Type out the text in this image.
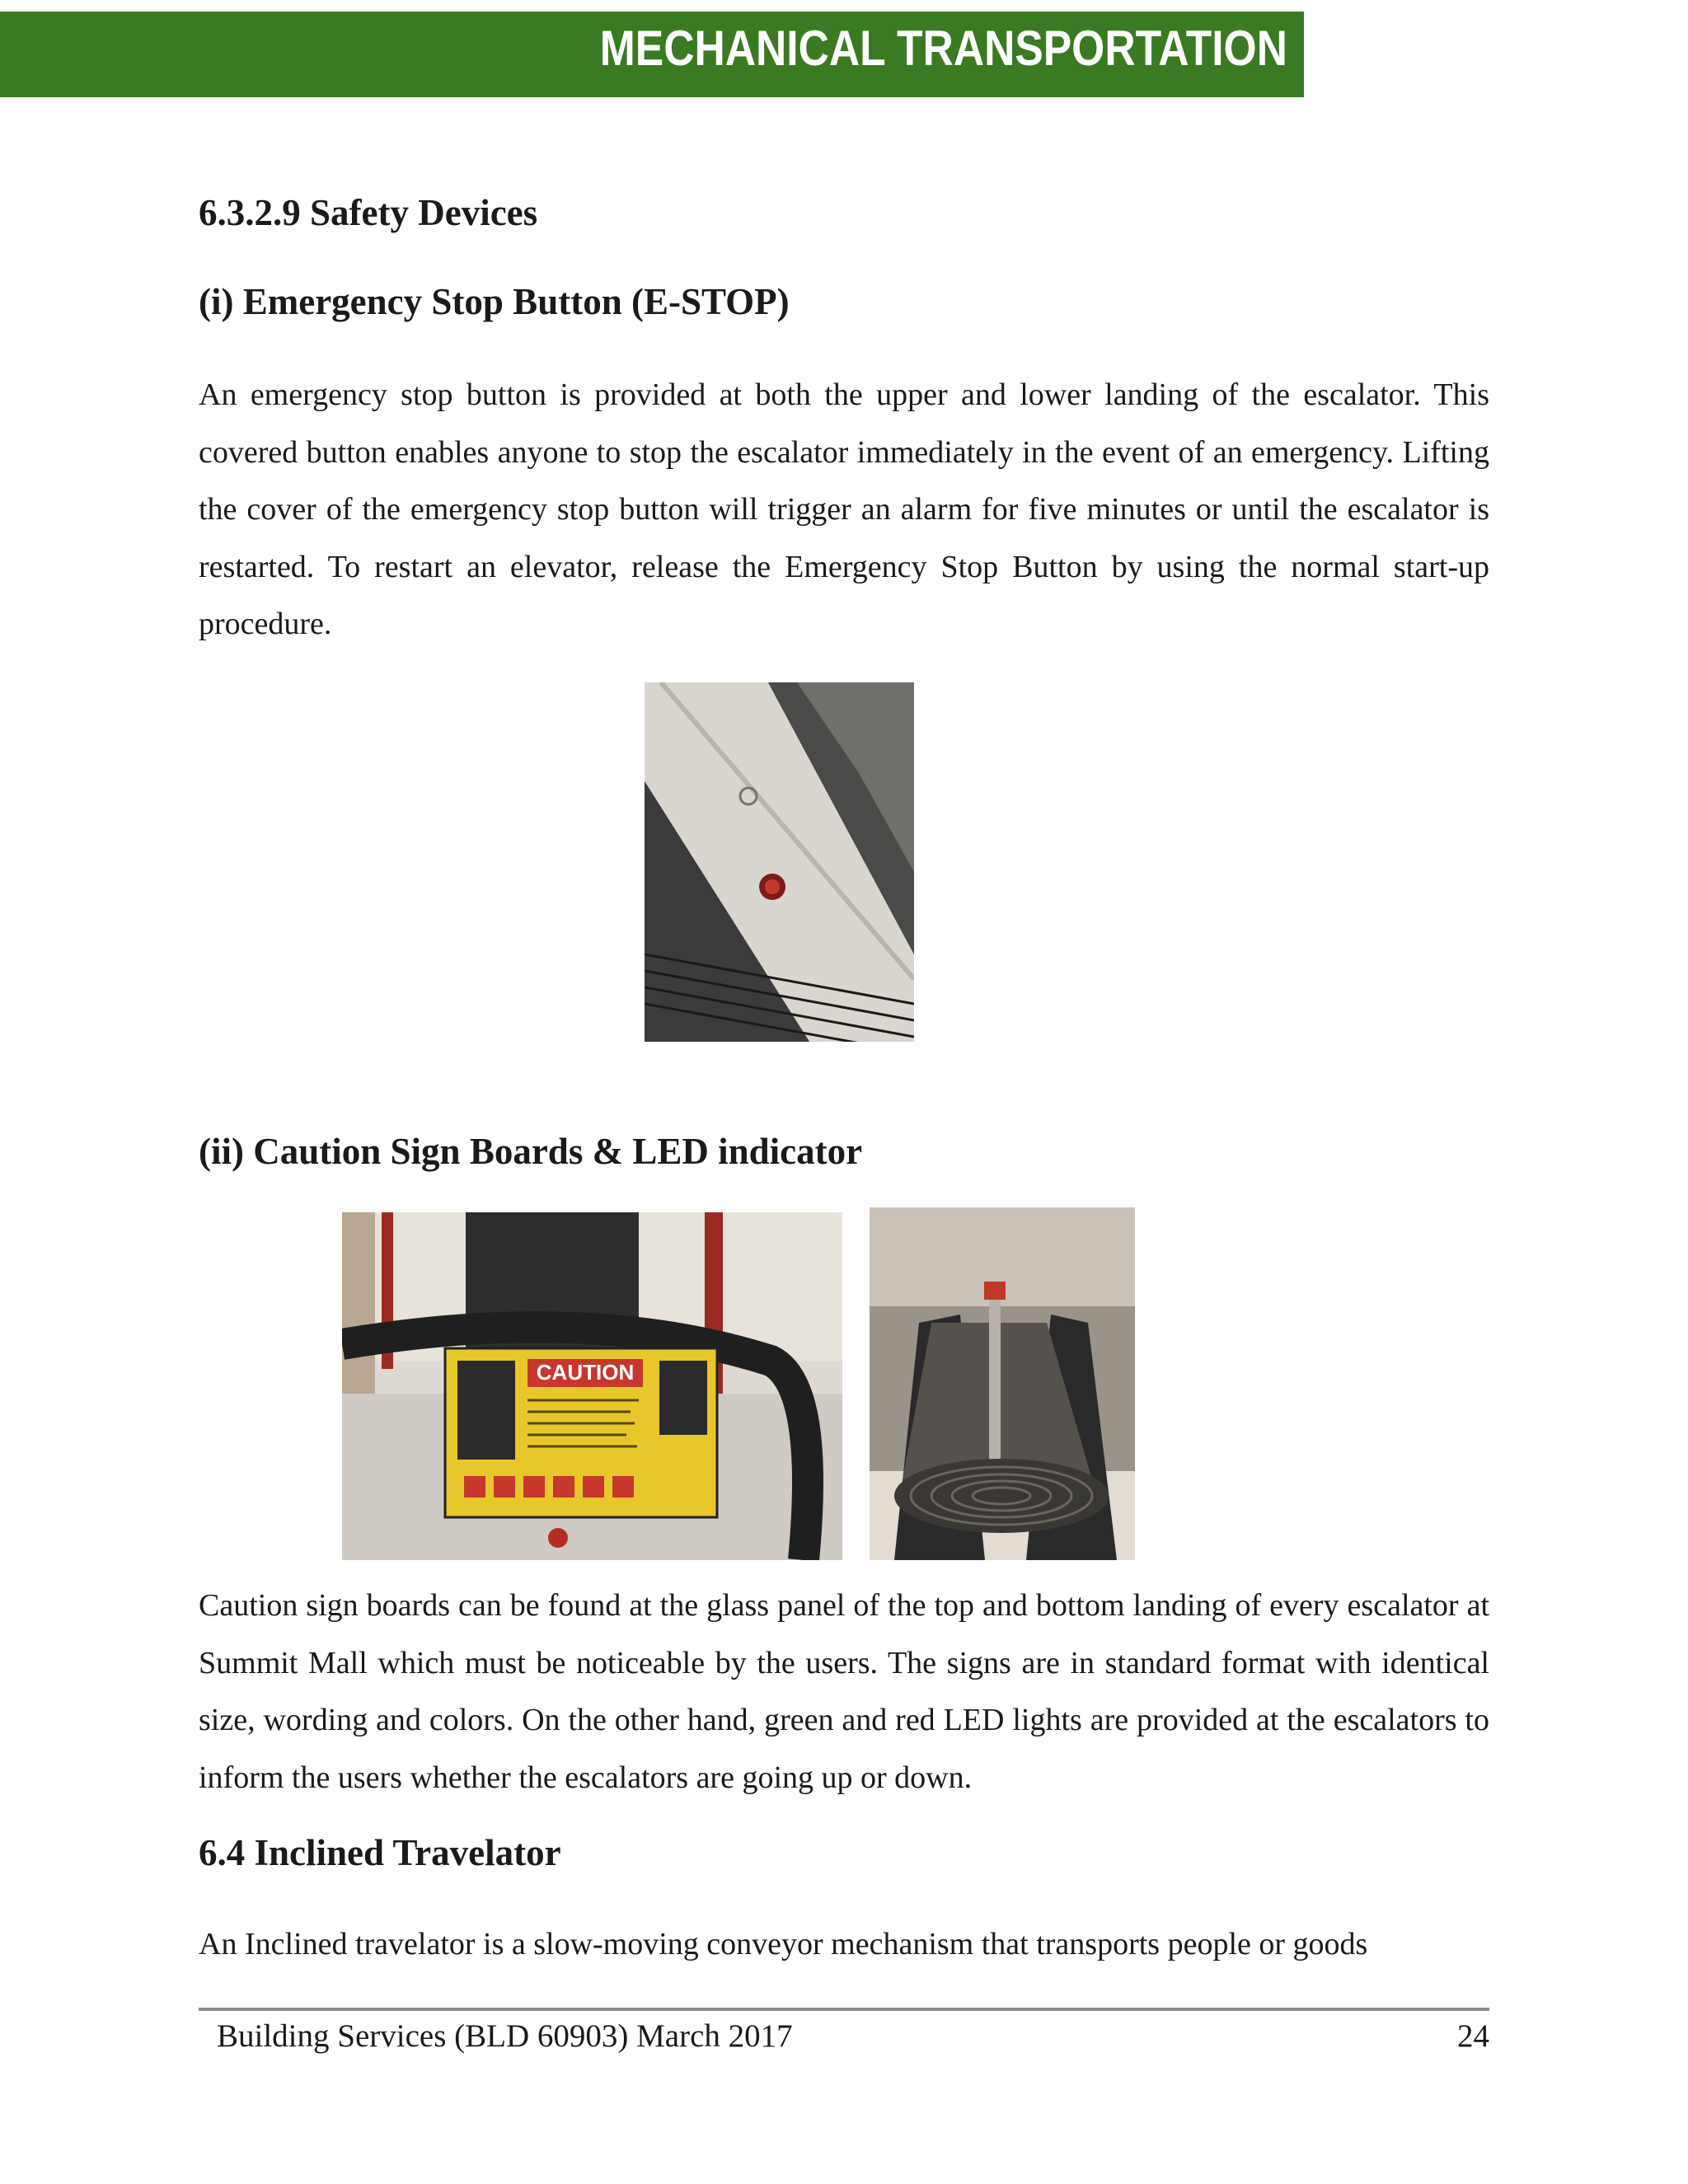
MECHANICAL TRANSPORTATION
6.3.2.9 Safety Devices
(i) Emergency Stop Button (E-STOP)

An emergency stop button is provided at both the upper and lower landing of the escalator. This covered button enables anyone to stop the escalator immediately in the event of an emergency. Lifting the cover of the emergency stop button will trigger an alarm for five minutes or until the escalator is restarted. To restart an elevator, release the Emergency Stop Button by using the normal start-up procedure.

(ii) Caution Sign Boards & LED indicator
CAUTION

Caution sign boards can be found at the glass panel of the top and bottom landing of every escalator at Summit Mall which must be noticeable by the users. The signs are in standard format with identical size, wording and colors. On the other hand, green and red LED lights are provided at the escalators to inform the users whether the escalators are going up or down.

6.4 Inclined Travelator

An Inclined travelator is a slow-moving conveyor mechanism that transports people or goods

Building Services (BLD 60903) March 2017	24
